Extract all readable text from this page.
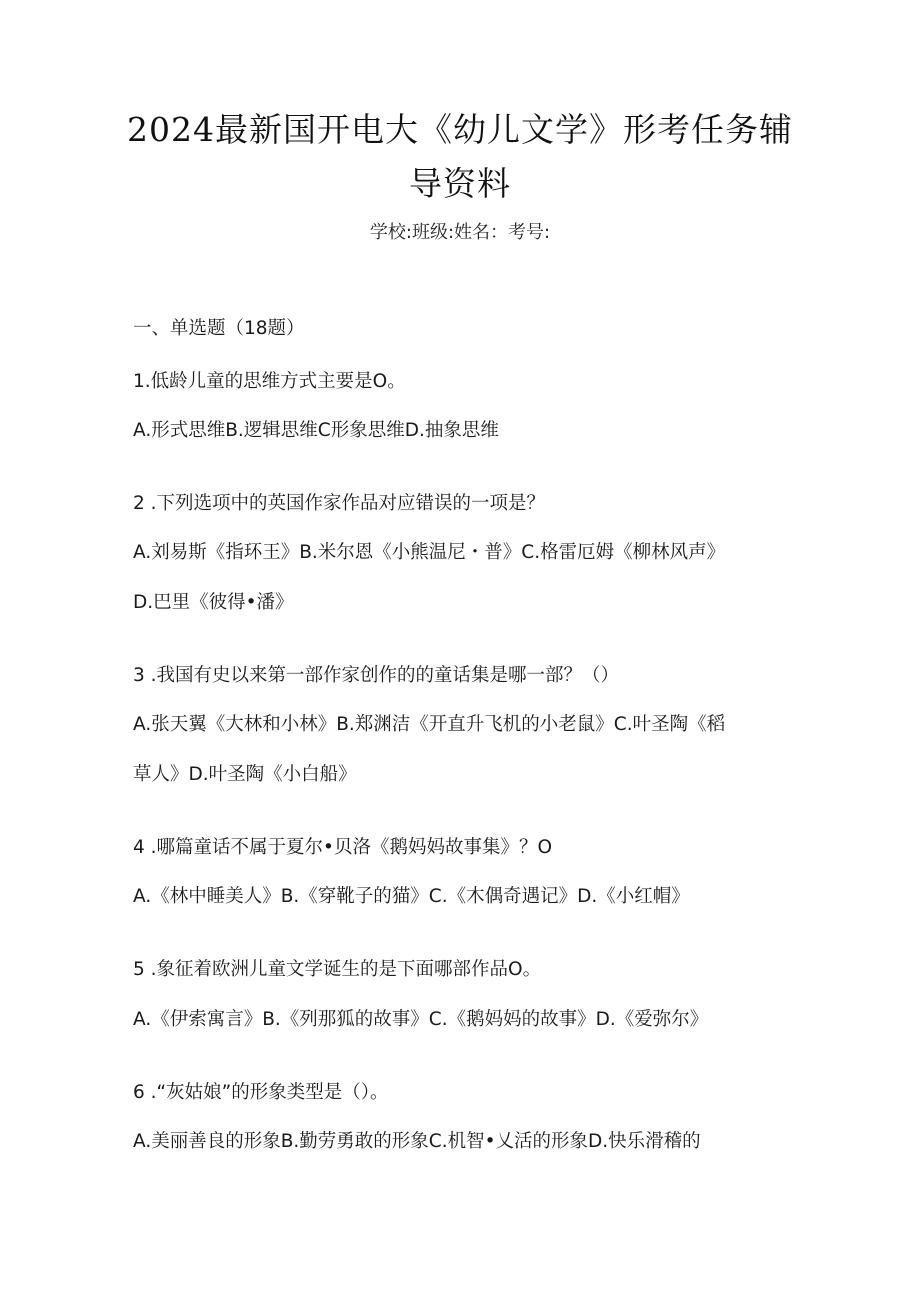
2024最新国开电大《幼儿文学》形考任务辅
导资料
学校:班级:姓名：考号:
一、单选题（18题）
1.低龄儿童的思维方式主要是O。
A.形式思维B.逻辑思维C形象思维D.抽象思维
2 .下列选项中的英国作家作品对应错误的一项是？
A.刘易斯《指环王》B.米尔恩《小熊温尼・普》C.格雷厄姆《柳林风声》
D.巴里《彼得•潘》
3 .我国有史以来第一部作家创作的的童话集是哪一部？（）
A.张天翼《大林和小林》B.郑渊洁《开直升飞机的小老鼠》C.叶圣陶《稻
草人》D.叶圣陶《小白船》
4 .哪篇童话不属于夏尔•贝洛《鹅妈妈故事集》？O
A.《林中睡美人》B.《穿靴子的猫》C.《木偶奇遇记》D.《小红帽》
5 .象征着欧洲儿童文学诞生的是下面哪部作品O。
A.《伊索寓言》B.《列那狐的故事》C.《鹅妈妈的故事》D.《爱弥尔》
6 .“灰姑娘”的形象类型是（）。
A.美丽善良的形象B.勤劳勇敢的形象C.机智•乂活的形象D.快乐滑稽的
